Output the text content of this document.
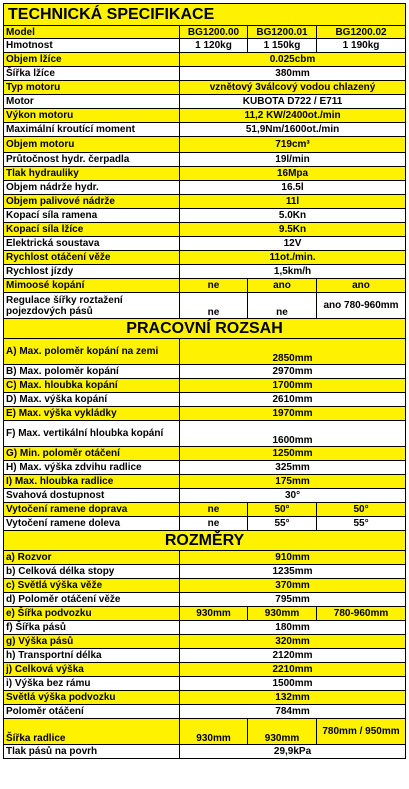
TECHNICKÁ SPECIFIKACE			
Model	BG1200.00	BG1200.01	BG1200.02
Hmotnost	1 120kg	1 150kg	1 190kg
Objem lžíce	0.025cbm		
Šířka lžíce	380mm		
Typ motoru	vznětový 3válcový vodou chlazený		
Motor	KUBOTA D722 / E711		
Výkon motoru	11,2 KW/2400ot./min		
Maximální kroutící moment	51,9Nm/1600ot./min		
Objem motoru	719cm³		
Průtočnost hydr. čerpadla	19l/min		
Tlak hydrauliky	16Mpa		
Objem nádrže hydr.	16.5l		
Objem palivové nádrže	11l		
Kopací síla ramena	5.0Kn		
Kopací síla lžíce	9.5Kn		
Elektrická soustava	12V		
Rychlost otáčení věže	11ot./min.		
Rychlost jízdy	1,5km/h		
Mimoosé kopání	ne	ano	ano
Regulace šířky roztažení pojezdových pásů	ne	ne	ano 780-960mm
PRACOVNÍ ROZSAH			
A) Max. poloměr kopání na zemi	2850mm		
B) Max. poloměr kopání	2970mm		
C) Max. hloubka kopání	1700mm		
D) Max. výška kopání	2610mm		
E) Max. výška vykládky	1970mm		
F) Max. vertikální hloubka kopání	1600mm		
G) Min. poloměr otáčení	1250mm		
H) Max. výška zdvihu radlice	325mm		
I) Max. hloubka radlice	175mm		
Svahová dostupnost	30°		
Vytočení ramene doprava	ne	50°	50°
Vytočení ramene doleva	ne	55°	55°
ROZMĚRY			
a) Rozvor	910mm		
b) Celková délka stopy	1235mm		
c) Světlá výška věže	370mm		
d) Poloměr otáčení věže	795mm		
e) Šířka podvozku	930mm	930mm	780-960mm
f) Šířka pásů	180mm		
g) Výška pásů	320mm		
h) Transportní délka	2120mm		
j) Celková výška	2210mm		
i) Výška bez rámu	1500mm		
Světlá výška podvozku	132mm		
Poloměr otáčení	784mm		
Šířka radlice	930mm	930mm	780mm / 950mm
Tlak pásů na povrh	29,9kPa		
